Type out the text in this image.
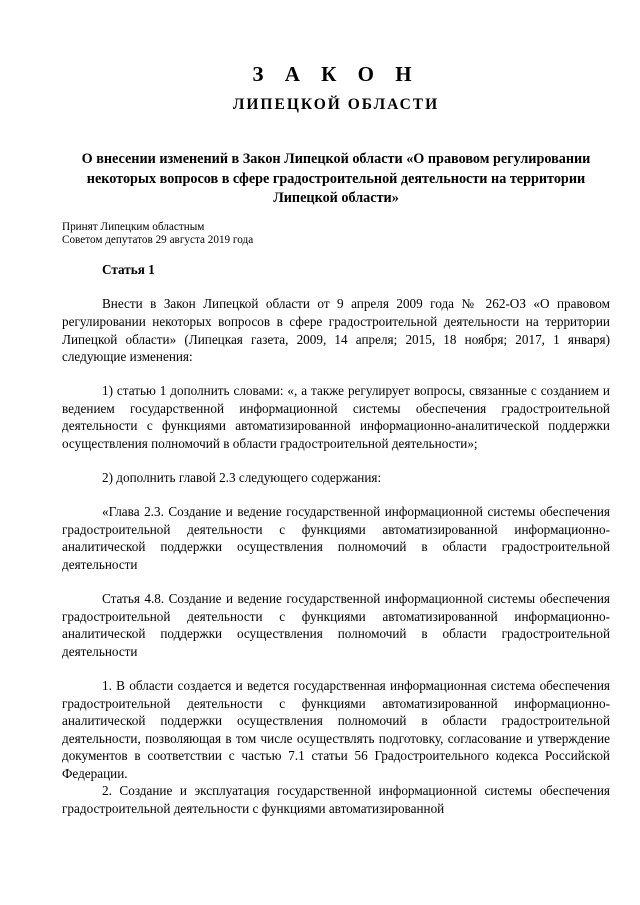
З А К О Н
ЛИПЕЦКОЙ ОБЛАСТИ
О внесении изменений в Закон Липецкой области «О правовом регулировании некоторых вопросов в сфере градостроительной деятельности на территории Липецкой области»
Принят Липецким областным
Советом депутатов 29 августа 2019 года
Статья 1

Внести в Закон Липецкой области от 9 апреля 2009 года № 262-ОЗ «О правовом регулировании некоторых вопросов в сфере градостроительной деятельности на территории Липецкой области» (Липецкая газета, 2009, 14 апреля; 2015, 18 ноября; 2017, 1 января) следующие изменения:

1) статью 1 дополнить словами: «, а также регулирует вопросы, связанные с созданием и ведением государственной информационной системы обеспечения градостроительной деятельности с функциями автоматизированной информационно-аналитической поддержки осуществления полномочий в области градостроительной деятельности»;

2) дополнить главой 2.3 следующего содержания:

«Глава 2.3. Создание и ведение государственной информационной системы обеспечения градостроительной деятельности с функциями автоматизированной информационно-аналитической поддержки осуществления полномочий в области градостроительной деятельности

Статья 4.8. Создание и ведение государственной информационной системы обеспечения градостроительной деятельности с функциями автоматизированной информационно-аналитической поддержки осуществления полномочий в области градостроительной деятельности

1. В области создается и ведется государственная информационная система обеспечения градостроительной деятельности с функциями автоматизированной информационно-аналитической поддержки осуществления полномочий в области градостроительной деятельности, позволяющая в том числе осуществлять подготовку, согласование и утверждение документов в соответствии с частью 7.1 статьи 56 Градостроительного кодекса Российской Федерации.

2. Создание и эксплуатация государственной информационной системы обеспечения градостроительной деятельности с функциями автоматизированной
